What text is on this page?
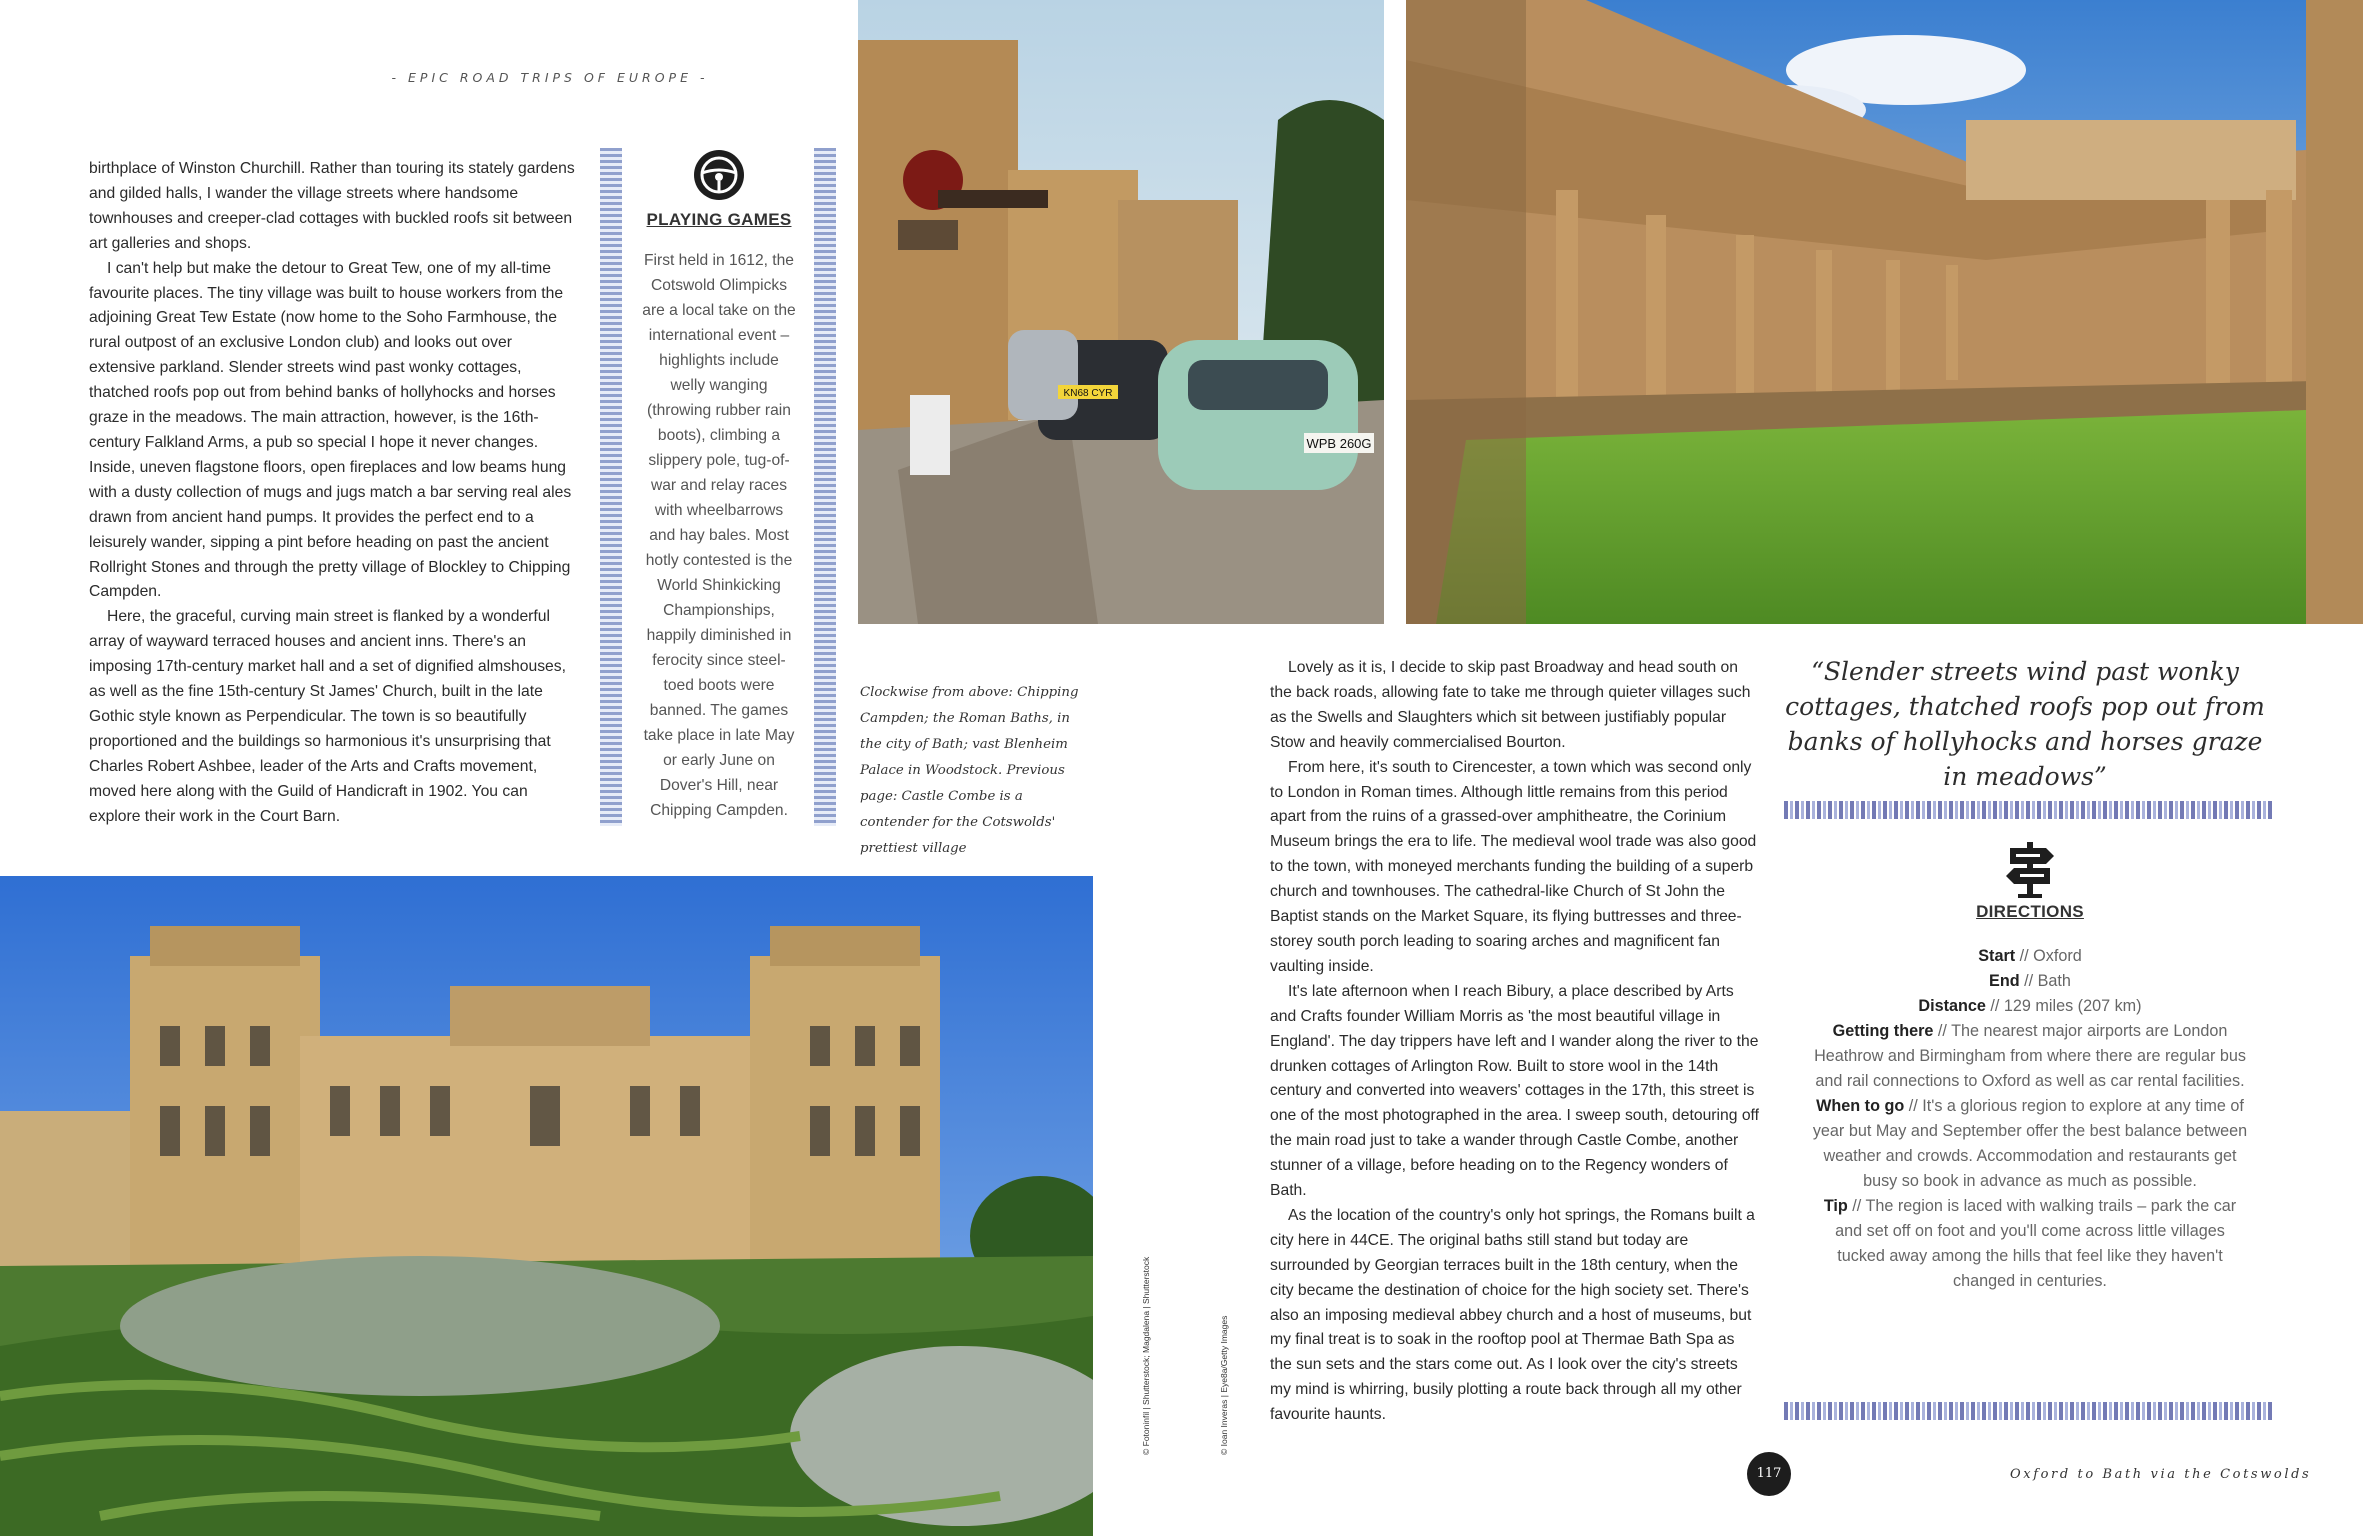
- EPIC ROAD TRIPS OF EUROPE -

birthplace of Winston Churchill. Rather than touring its stately gardens and gilded halls, I wander the village streets where handsome townhouses and creeper-clad cottages with buckled roofs sit between art galleries and shops.

I can't help but make the detour to Great Tew, one of my all-time favourite places. The tiny village was built to house workers from the adjoining Great Tew Estate (now home to the Soho Farmhouse, the rural outpost of an exclusive London club) and looks out over extensive parkland. Slender streets wind past wonky cottages, thatched roofs pop out from behind banks of hollyhocks and horses graze in the meadows. The main attraction, however, is the 16th-century Falkland Arms, a pub so special I hope it never changes. Inside, uneven flagstone floors, open fireplaces and low beams hung with a dusty collection of mugs and jugs match a bar serving real ales drawn from ancient hand pumps. It provides the perfect end to a leisurely wander, sipping a pint before heading on past the ancient Rollright Stones and through the pretty village of Blockley to Chipping Campden.

Here, the graceful, curving main street is flanked by a wonderful array of wayward terraced houses and ancient inns. There's an imposing 17th-century market hall and a set of dignified almshouses, as well as the fine 15th-century St James' Church, built in the late Gothic style known as Perpendicular. The town is so beautifully proportioned and the buildings so harmonious it's unsurprising that Charles Robert Ashbee, leader of the Arts and Crafts movement, moved here along with the Guild of Handicraft in 1902. You can explore their work in the Court Barn.

PLAYING GAMES
First held in 1612, the Cotswold Olimpicks are a local take on the international event – highlights include welly wanging (throwing rubber rain boots), climbing a slippery pole, tug-of-war and relay races with wheelbarrows and hay bales. Most hotly contested is the World Shinkicking Championships, happily diminished in ferocity since steel-toed boots were banned. The games take place in late May or early June on Dover's Hill, near Chipping Campden.
WPB 260G
KN68 CYR
Clockwise from above: Chipping Campden; the Roman Baths, in the city of Bath; vast Blenheim Palace in Woodstock. Previous page: Castle Combe is a contender for the Cotswolds' prettiest village
© Fotoninfil | Shutterstock; Magdalena | Shutterstock	© Ioan Inveras | Eye8a/Getty Images

Lovely as it is, I decide to skip past Broadway and head south on the back roads, allowing fate to take me through quieter villages such as the Swells and Slaughters which sit between justifiably popular Stow and heavily commercialised Bourton.

From here, it's south to Cirencester, a town which was second only to London in Roman times. Although little remains from this period apart from the ruins of a grassed-over amphitheatre, the Corinium Museum brings the era to life. The medieval wool trade was also good to the town, with moneyed merchants funding the building of a superb church and townhouses. The cathedral-like Church of St John the Baptist stands on the Market Square, its flying buttresses and three-storey south porch leading to soaring arches and magnificent fan vaulting inside.

It's late afternoon when I reach Bibury, a place described by Arts and Crafts founder William Morris as 'the most beautiful village in England'. The day trippers have left and I wander along the river to the drunken cottages of Arlington Row. Built to store wool in the 14th century and converted into weavers' cottages in the 17th, this street is one of the most photographed in the area. I sweep south, detouring off the main road just to take a wander through Castle Combe, another stunner of a village, before heading on to the Regency wonders of Bath.

As the location of the country's only hot springs, the Romans built a city here in 44CE. The original baths still stand but today are surrounded by Georgian terraces built in the 18th century, when the city became the destination of choice for the high society set. There's also an imposing medieval abbey church and a host of museums, but my final treat is to soak in the rooftop pool at Thermae Bath Spa as the sun sets and the stars come out. As I look over the city's streets my mind is whirring, busily plotting a route back through all my other favourite haunts.

“Slender streets wind past wonky cottages, thatched roofs pop out from banks of hollyhocks and horses graze in meadows”
DIRECTIONS
Start // Oxford
End // Bath
Distance // 129 miles (207 km)
Getting there // The nearest major airports are London Heathrow and Birmingham from where there are regular bus and rail connections to Oxford as well as car rental facilities.
When to go // It's a glorious region to explore at any time of year but May and September offer the best balance between weather and crowds. Accommodation and restaurants get busy so book in advance as much as possible.
Tip // The region is laced with walking trails – park the car and set off on foot and you'll come across little villages tucked away among the hills that feel like they haven't changed in centuries.
117	Oxford to Bath via the Cotswolds
